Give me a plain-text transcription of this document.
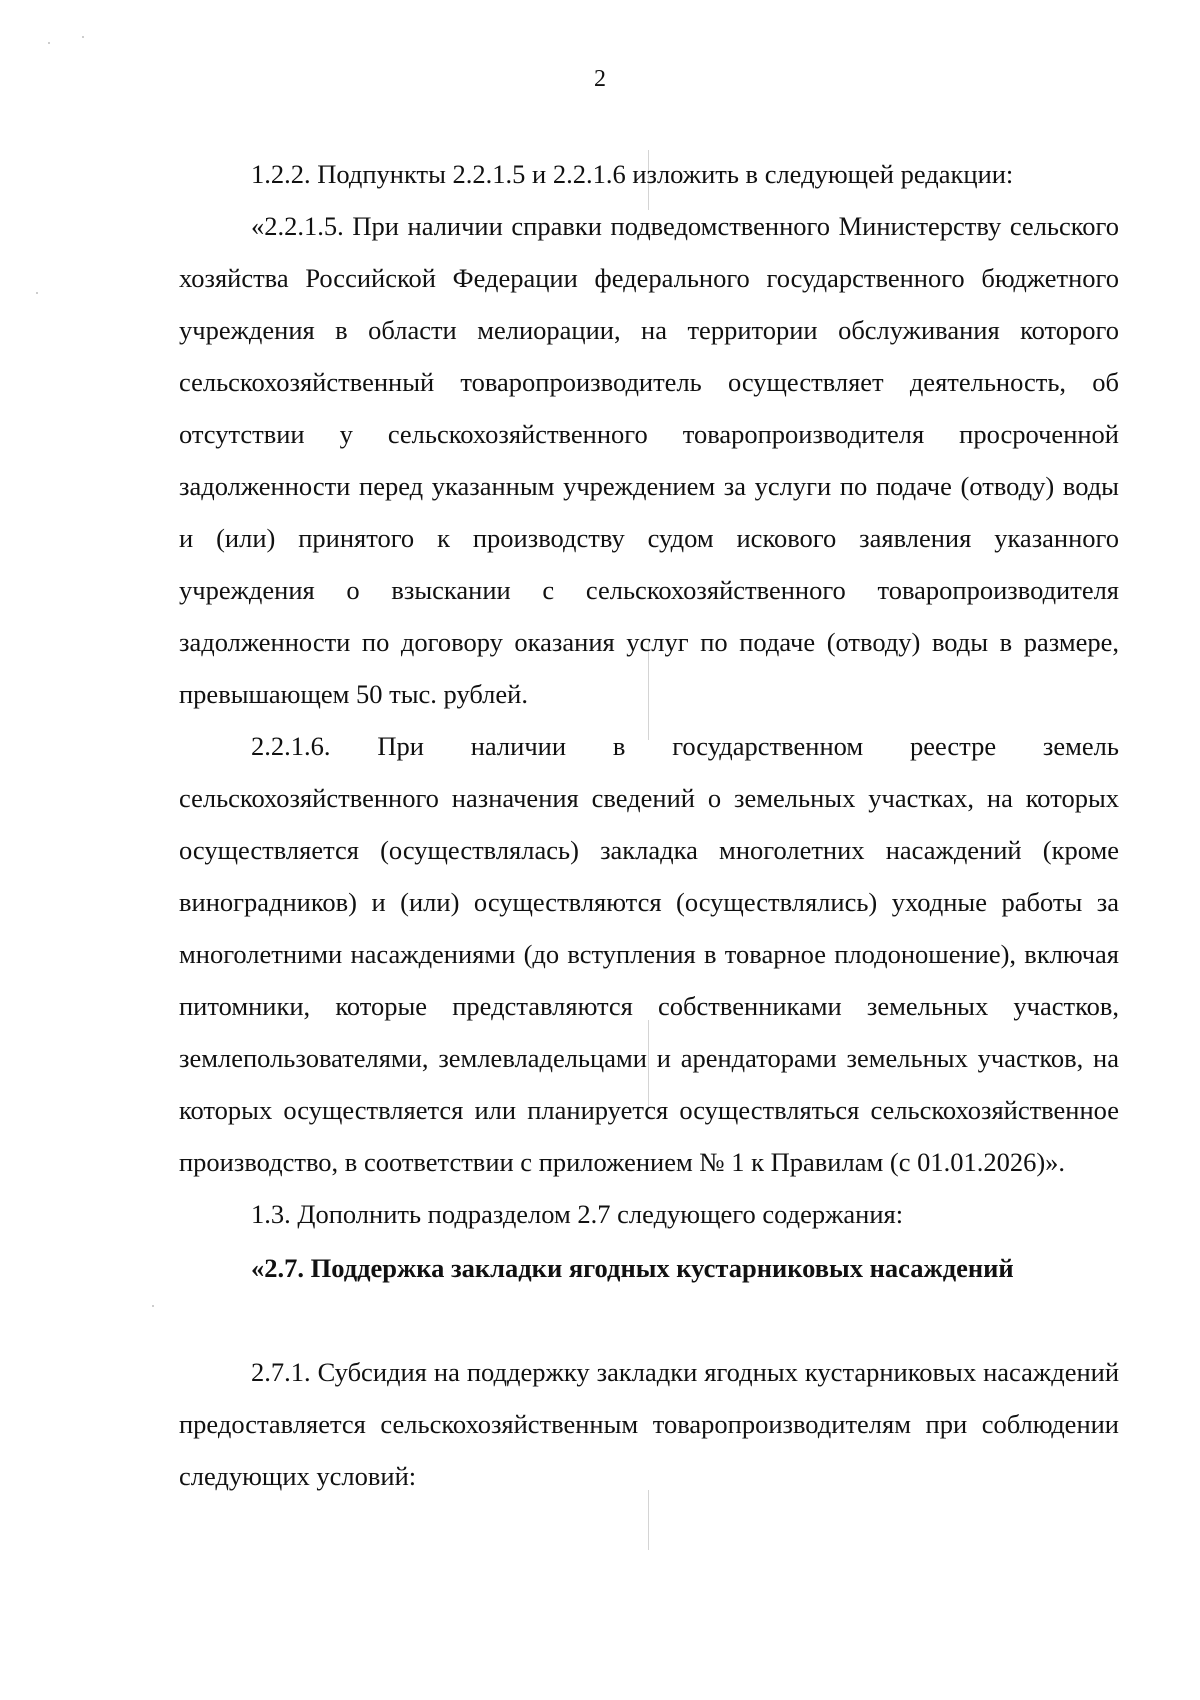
2

1.2.2. Подпункты 2.2.1.5 и 2.2.1.6 изложить в следующей редакции:

«2.2.1.5. При наличии справки подведомственного Министерству сельского хозяйства Российской Федерации федерального государственного бюджетного учреждения в области мелиорации, на территории обслуживания которого сельскохозяйственный товаропроизводитель осуществляет деятельность, об отсутствии у сельскохозяйственного товаропроизводителя просроченной задолженности перед указанным учреждением за услуги по подаче (отводу) воды и (или) принятого к производству судом искового заявления указанного учреждения о взыскании с сельскохозяйственного товаропроизводителя задолженности по договору оказания услуг по подаче (отводу) воды в размере, превышающем 50 тыс. рублей.

2.2.1.6. При наличии в государственном реестре земель сельскохозяйственного назначения сведений о земельных участках, на которых осуществляется (осуществлялась) закладка многолетних насаждений (кроме виноградников) и (или) осуществляются (осуществлялись) уходные работы за многолетними насаждениями (до вступления в товарное плодоношение), включая питомники, которые представляются собственниками земельных участков, землепользователями, землевладельцами и арендаторами земельных участков, на которых осуществляется или планируется осуществляться сельскохозяйственное производство, в соответствии с приложением № 1 к Правилам (с 01.01.2026)».

1.3. Дополнить подразделом 2.7 следующего содержания:

«2.7. Поддержка закладки ягодных кустарниковых насаждений

2.7.1. Субсидия на поддержку закладки ягодных кустарниковых насаждений предоставляется сельскохозяйственным товаропроизводителям при соблюдении следующих условий:
